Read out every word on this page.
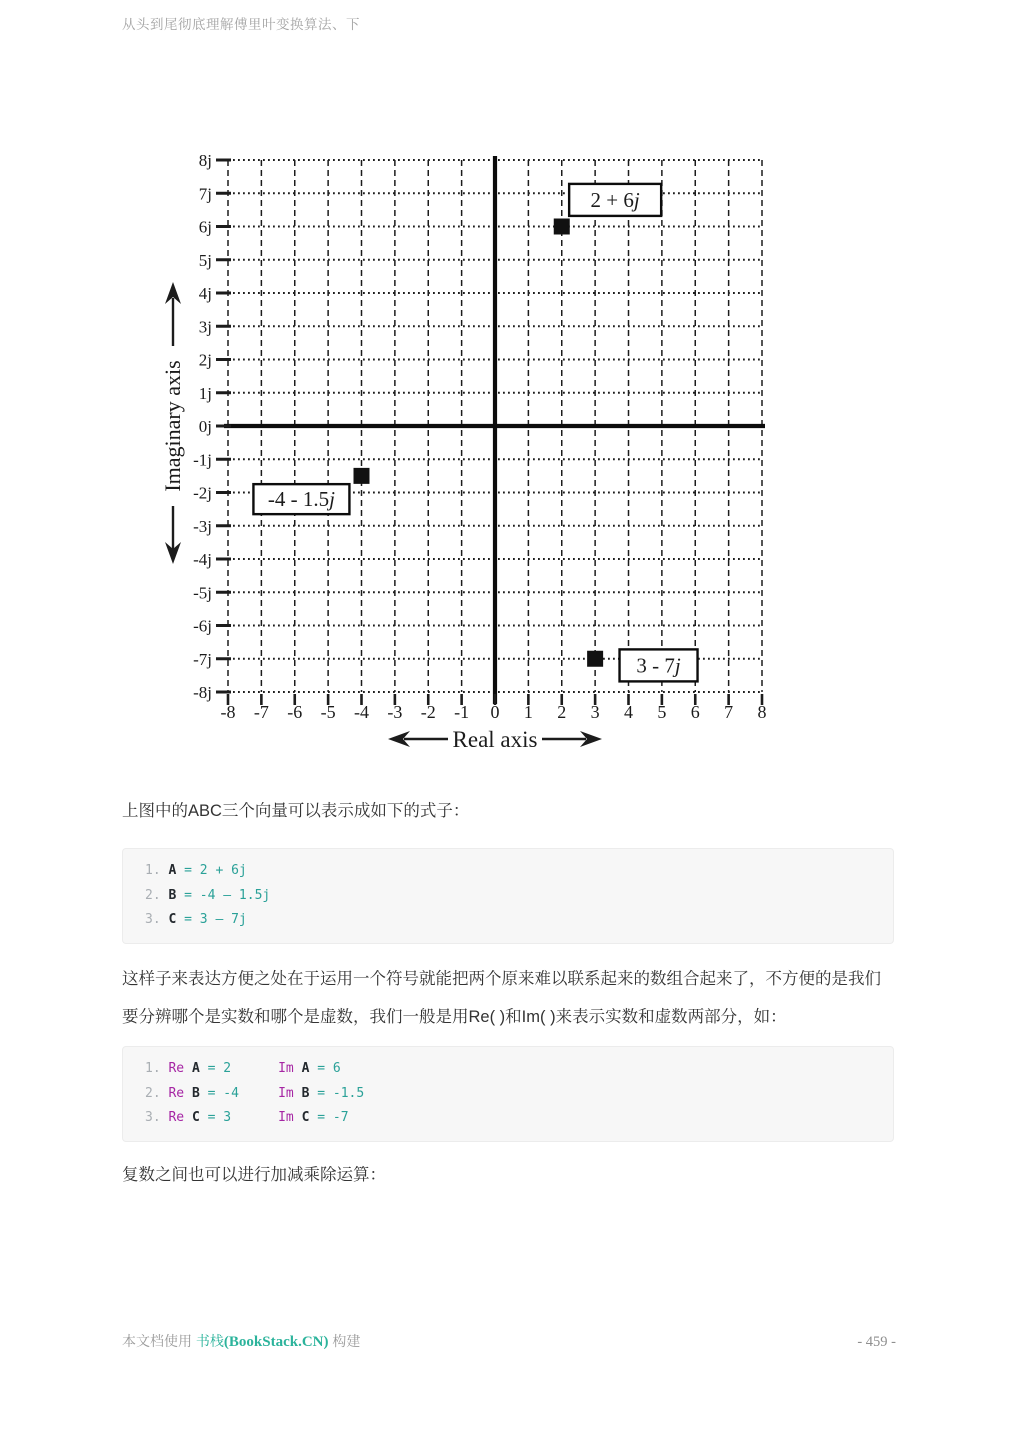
从头到尾彻底理解傅里叶变换算法、下
-8 -7 -6 -5 -4 -3 -2 -1 0 1 2 3 4 5 6 7 8
8j
7j
6j
5j
4j
3j
2j
1j
0j
-1j
-2j
-3j
-4j
-5j
-6j
-7j
-8j
2 + 6j
-4 - 1.5j
3 - 7j
Imaginary axis
Real axis
上图中的ABC三个向量可以表示成如下的式子：
1. A = 2 + 6j
2. B = -4 – 1.5j
3. C = 3 – 7j
这样子来表达方便之处在于运用一个符号就能把两个原来难以联系起来的数组合起来了，不方便的是我们要分辨哪个是实数和哪个是虚数，我们一般是用Re( )和Im( )来表示实数和虚数两部分，如：
1. Re A = 2      Im A = 6
2. Re B = -4     Im B = -1.5
3. Re C = 3      Im C = -7
复数之间也可以进行加减乘除运算：
本文档使用 书栈(BookStack.CN) 构建	- 459 -
